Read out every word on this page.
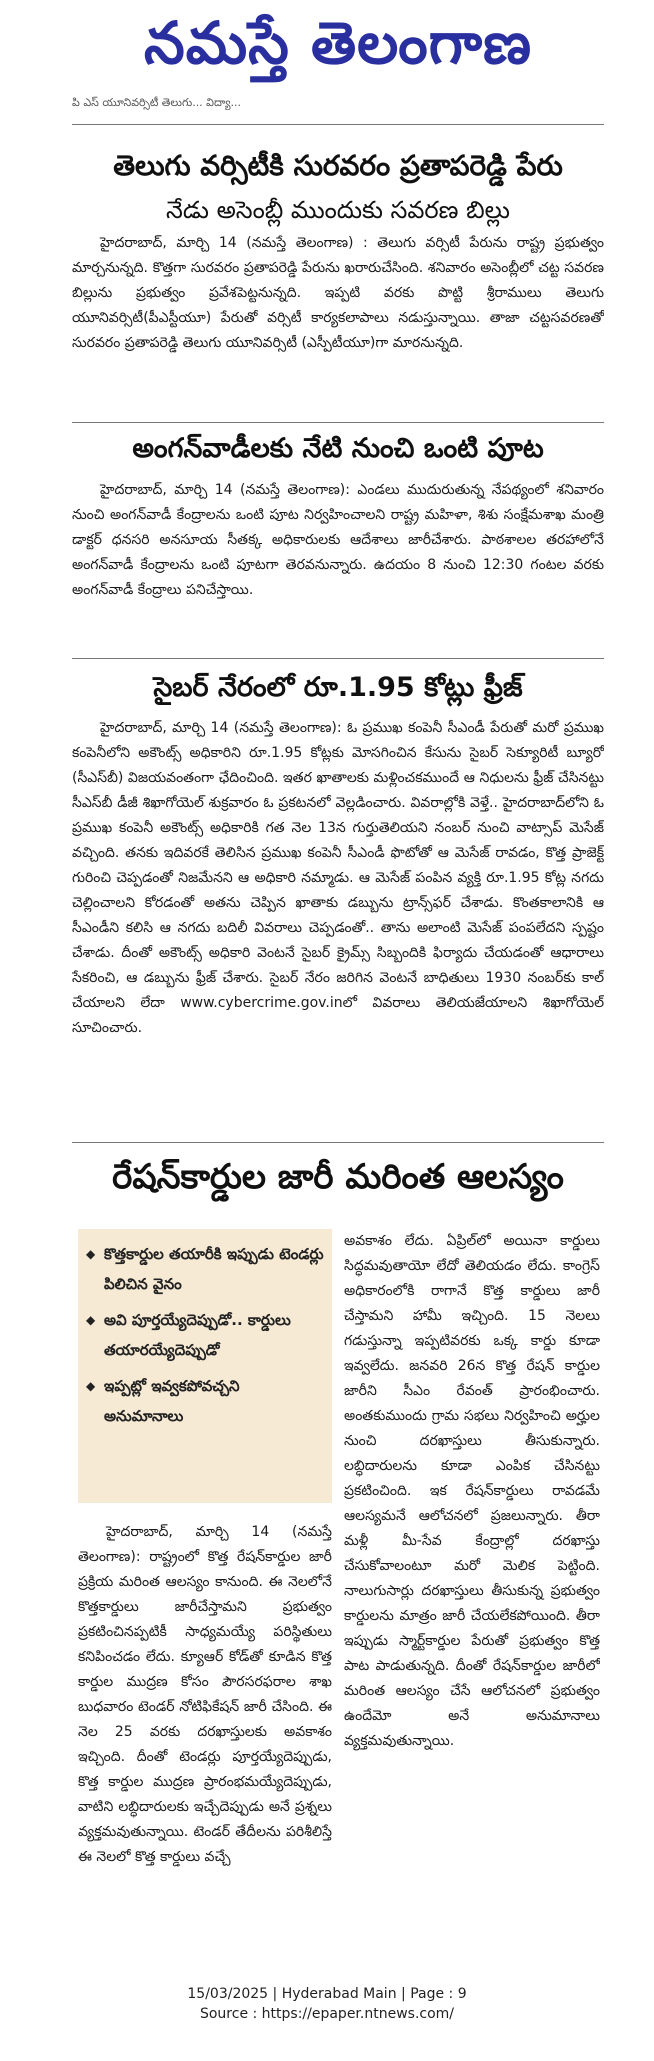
నమస్తే తెలంగాణ
పి ఎస్ యూనివర్సిటీ తెలుగు... విద్యా...
తెలుగు వర్సిటీకి సురవరం ప్రతాపరెడ్డి పేరు
నేడు అసెంబ్లీ ముందుకు సవరణ బిల్లు

హైదరాబాద్, మార్చి 14 (నమస్తే తెలంగాణ) : తెలుగు వర్సిటీ పేరును రాష్ట్ర ప్రభుత్వం మార్చనున్నది. కొత్తగా సురవరం ప్రతాపరెడ్డి పేరును ఖరారుచేసింది. శనివారం అసెంబ్లీలో చట్ట సవరణ బిల్లును ప్రభుత్వం ప్రవేశపెట్టనున్నది. ఇప్పటి వరకు పొట్టి శ్రీరాములు తెలుగు యూనివర్సిటీ(పీఎస్టీయూ) పేరుతో వర్సిటీ కార్యకలాపాలు నడుస్తున్నాయి. తాజా చట్టసవరణతో సురవరం ప్రతాపరెడ్డి తెలుగు యూనివర్సిటీ (ఎస్పీటీయూ)గా మారనున్నది.

అంగన్‌వాడీలకు నేటి నుంచి ఒంటి పూట

హైదరాబాద్, మార్చి 14 (నమస్తే తెలంగాణ): ఎండలు ముదురుతున్న నేపథ్యంలో శనివారం నుంచి అంగన్‌వాడీ కేంద్రాలను ఒంటి పూట నిర్వహించాలని రాష్ట్ర మహిళా, శిశు సంక్షేమశాఖ మంత్రి డాక్టర్ ధనసరి అనసూయ సీతక్క అధికారులకు ఆదేశాలు జారీచేశారు. పాఠశాలల తరహాలోనే అంగన్‌వాడీ కేంద్రాలను ఒంటి పూటగా తెరవనున్నారు. ఉదయం 8 నుంచి 12:30 గంటల వరకు అంగన్‌వాడీ కేంద్రాలు పనిచేస్తాయి.

సైబర్ నేరంలో రూ.1.95 కోట్లు ఫ్రీజ్

హైదరాబాద్, మార్చి 14 (నమస్తే తెలంగాణ): ఓ ప్రముఖ కంపెనీ సీఎండీ పేరుతో మరో ప్రముఖ కంపెనీలోని అకౌంట్స్ అధికారిని రూ.1.95 కోట్లకు మోసగించిన కేసును సైబర్ సెక్యూరిటీ బ్యూరో (సీఎస్‌బీ) విజయవంతంగా ఛేదించింది. ఇతర ఖాతాలకు మళ్లించకముందే ఆ నిధులను ఫ్రీజ్ చేసినట్టు సీఎస్‌బీ డీజీ శిఖాగోయెల్ శుక్రవారం ఓ ప్రకటనలో వెల్లడించారు. వివరాల్లోకి వెళ్తే.. హైదరాబాద్‌లోని ఓ ప్రముఖ కంపెనీ అకౌంట్స్ అధికారికి గత నెల 13న గుర్తుతెలియని నంబర్ నుంచి వాట్సాప్ మెసేజ్ వచ్చింది. తనకు ఇదివరకే తెలిసిన ప్రముఖ కంపెనీ సీఎండీ ఫొటోతో ఆ మెసేజ్ రావడం, కొత్త ప్రాజెక్ట్ గురించి చెప్పడంతో నిజమేనని ఆ అధికారి నమ్మాడు. ఆ మెసేజ్ పంపిన వ్యక్తి రూ.1.95 కోట్ల నగదు చెల్లించాలని కోరడంతో అతను చెప్పిన ఖాతాకు డబ్బును ట్రాన్స్‌ఫర్ చేశాడు. కొంతకాలానికి ఆ సీఎండీని కలిసి ఆ నగదు బదిలీ వివరాలు చెప్పడంతో.. తాను అలాంటి మెసేజ్ పంపలేదని స్పష్టం చేశాడు. దీంతో అకౌంట్స్ అధికారి వెంటనే సైబర్ క్రైమ్స్ సిబ్బందికి ఫిర్యాదు చేయడంతో ఆధారాలు సేకరించి, ఆ డబ్బును ఫ్రీజ్ చేశారు. సైబర్ నేరం జరిగిన వెంటనే బాధితులు 1930 నంబర్‌కు కాల్ చేయాలని లేదా www.cybercrime.gov.inలో వివరాలు తెలియజేయాలని శిఖాగోయెల్ సూచించారు.

రేషన్‌కార్డుల జారీ మరింత ఆలస్యం
◆ కొత్తకార్డుల తయారీకి ఇప్పుడు టెండర్లు పిలిచిన వైనం
◆ అవి పూర్తయ్యేదెప్పుడో.. కార్డులు తయారయ్యేదెప్పుడో
◆ ఇప్పట్లో ఇవ్వకపోవచ్చని అనుమానాలు

హైదరాబాద్, మార్చి 14 (నమస్తే తెలంగాణ): రాష్ట్రంలో కొత్త రేషన్‌కార్డుల జారీ ప్రక్రియ మరింత ఆలస్యం కానుంది. ఈ నెలలోనే కొత్తకార్డులు జారీచేస్తామని ప్రభుత్వం ప్రకటించినప్పటికీ సాధ్యమయ్యే పరిస్థితులు కనిపించడం లేదు. క్యూఆర్ కోడ్‌తో కూడిన కొత్త కార్డుల ముద్రణ కోసం పౌరసరఫరాల శాఖ బుధవారం టెండర్ నోటిఫికేషన్ జారీ చేసింది. ఈ నెల 25 వరకు దరఖాస్తులకు అవకాశం ఇచ్చింది. దీంతో టెండర్లు పూర్తయ్యేదెప్పుడు, కొత్త కార్డుల ముద్రణ ప్రారంభమయ్యేదెప్పుడు, వాటిని లబ్ధిదారులకు ఇచ్చేదెప్పుడు అనే ప్రశ్నలు వ్యక్తమవుతున్నాయి. టెండర్ తేదీలను పరిశీలిస్తే ఈ నెలలో కొత్త కార్డులు వచ్చే

అవకాశం లేదు. ఏప్రిల్‌లో అయినా కార్డులు సిద్ధమవుతాయో లేదో తెలియడం లేదు. కాంగ్రెస్ అధికారంలోకి రాగానే కొత్త కార్డులు జారీ చేస్తామని హామీ ఇచ్చింది. 15 నెలలు గడుస్తున్నా ఇప్పటివరకు ఒక్క కార్డు కూడా ఇవ్వలేదు. జనవరి 26న కొత్త రేషన్ కార్డుల జారీని సీఎం రేవంత్ ప్రారంభించారు. అంతకుముందు గ్రామ సభలు నిర్వహించి అర్హుల నుంచి దరఖాస్తులు తీసుకున్నారు. లబ్ధిదారులను కూడా ఎంపిక చేసినట్టు ప్రకటించింది. ఇక రేషన్‌కార్డులు రావడమే ఆలస్యమనే ఆలోచనలో ప్రజలున్నారు. తీరా మళ్లీ మీ-సేవ కేంద్రాల్లో దరఖాస్తు చేసుకోవాలంటూ మరో మెలిక పెట్టింది. నాలుగుసార్లు దరఖాస్తులు తీసుకున్న ప్రభుత్వం కార్డులను మాత్రం జారీ చేయలేకపోయింది. తీరా ఇప్పుడు స్మార్ట్‌కార్డుల పేరుతో ప్రభుత్వం కొత్త పాట పాడుతున్నది. దీంతో రేషన్‌కార్డుల జారీలో మరింత ఆలస్యం చేసే ఆలోచనలో ప్రభుత్వం ఉందేమో అనే అనుమానాలు వ్యక్తమవుతున్నాయి.

15/03/2025 | Hyderabad Main | Page : 9
Source : https://epaper.ntnews.com/
